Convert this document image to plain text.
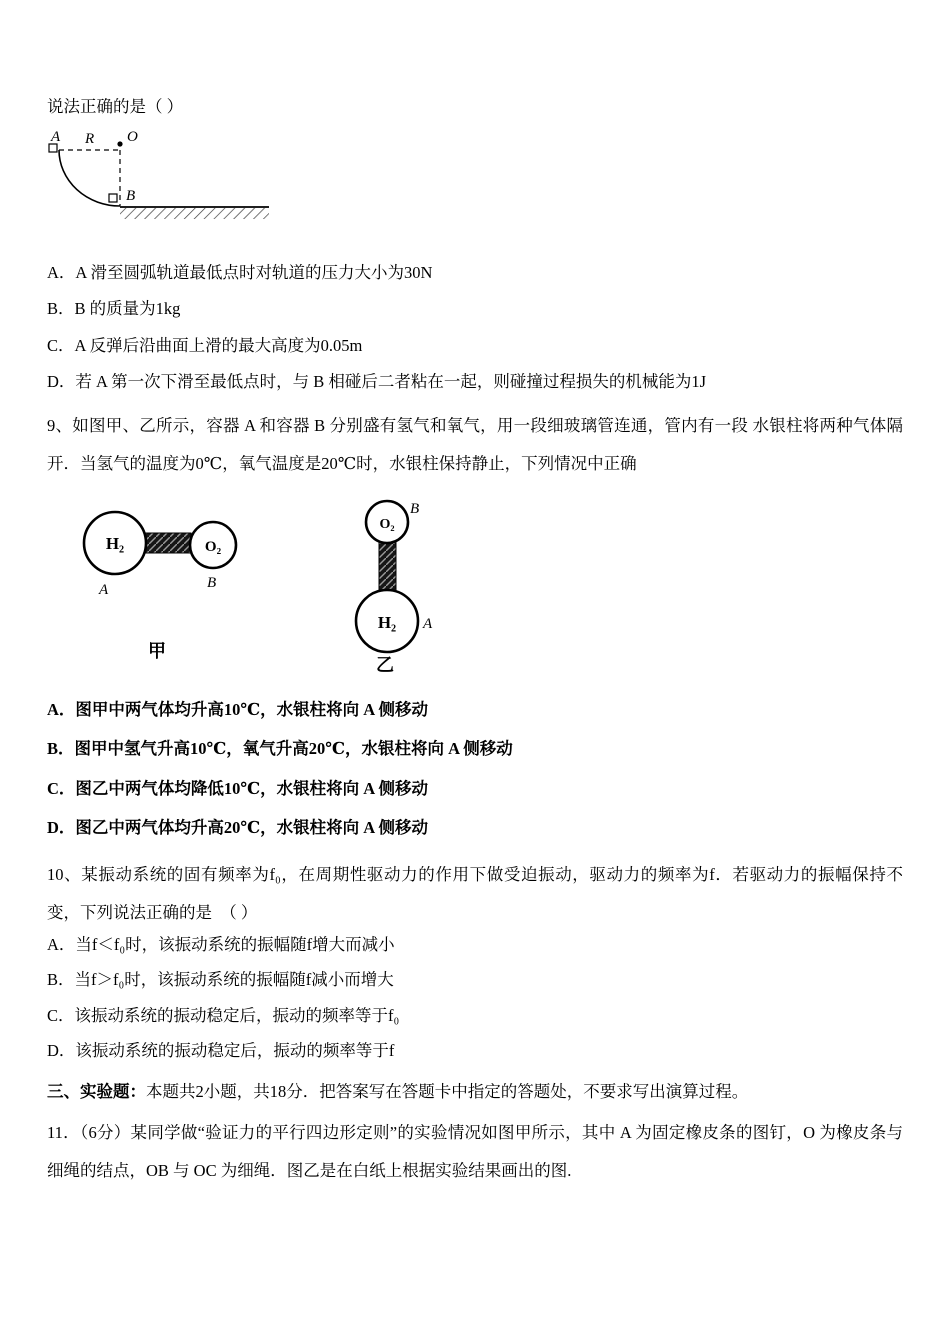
说法正确的是（ ）

A R O
B

A．A 滑至圆弧轨道最低点时对轨道的压力大小为30N

B．B 的质量为1kg

C．A 反弹后沿曲面上滑的最大高度为0.05m

D．若 A 第一次下滑至最低点时，与 B 相碰后二者粘在一起，则碰撞过程损失的机械能为1J

9、如图甲、乙所示，容器 A 和容器 B 分别盛有氢气和氧气，用一段细玻璃管连通，管内有一段 水银柱将两种气体隔开．当氢气的温度为0℃，氧气温度是20℃时，水银柱保持静止，下列情况中正确

H₂	O₂
A	B
甲
O₂
B
H₂ A
乙

A．图甲中两气体均升高10℃，水银柱将向 A 侧移动

B．图甲中氢气升高10℃，氧气升高20℃，水银柱将向 A 侧移动

C．图乙中两气体均降低10℃，水银柱将向 A 侧移动

D．图乙中两气体均升高20℃，水银柱将向 A 侧移动

10、某振动系统的固有频率为f₀，在周期性驱动力的作用下做受迫振动，驱动力的频率为f．若驱动力的振幅保持不变，下列说法正确的是　（ ）

A．当f＜f₀时，该振动系统的振幅随f增大而减小

B．当f＞f₀时，该振动系统的振幅随f减小而增大

C．该振动系统的振动稳定后，振动的频率等于f₀

D．该振动系统的振动稳定后，振动的频率等于f

三、实验题：本题共2小题，共18分．把答案写在答题卡中指定的答题处，不要求写出演算过程。

11．（6分）某同学做“验证力的平行四边形定则”的实验情况如图甲所示，其中 A 为固定橡皮条的图钉，O 为橡皮条与细绳的结点，OB 与 OC 为细绳．图乙是在白纸上根据实验结果画出的图.
